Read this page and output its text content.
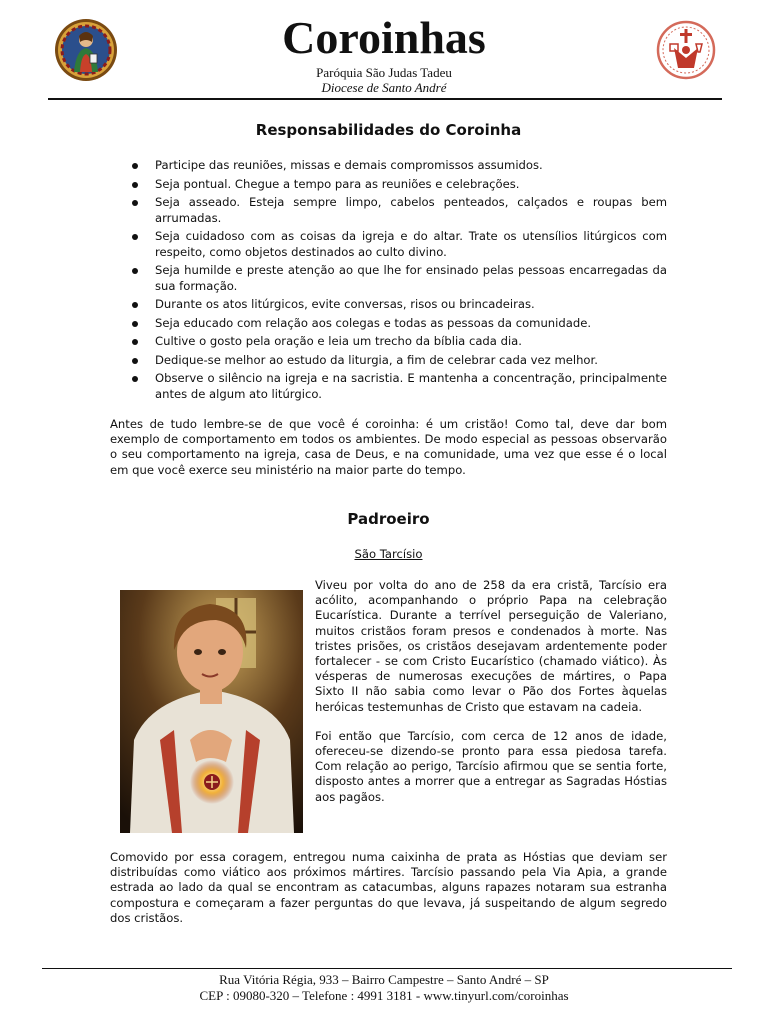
Coroinhas
Paróquia São Judas Tadeu
Diocese de Santo André
Responsabilidades do Coroinha
Participe das reuniões, missas e demais compromissos assumidos.
Seja pontual. Chegue a tempo para as reuniões e celebrações.
Seja asseado. Esteja sempre limpo, cabelos penteados, calçados e roupas bem arrumadas.
Seja cuidadoso com as coisas da igreja e do altar. Trate os utensílios litúrgicos com respeito, como objetos destinados ao culto divino.
Seja humilde e preste atenção ao que lhe for ensinado pelas pessoas encarregadas da sua formação.
Durante os atos litúrgicos, evite conversas, risos ou brincadeiras.
Seja educado com relação aos colegas e todas as pessoas da comunidade.
Cultive o gosto pela oração e leia um trecho da bíblia cada dia.
Dedique-se melhor ao estudo da liturgia, a fim de celebrar cada vez melhor.
Observe o silêncio na igreja e na sacristia. E mantenha a concentração, principalmente antes de algum ato litúrgico.

Antes de tudo lembre-se de que você é coroinha: é um cristão! Como tal, deve dar bom exemplo de comportamento em todos os ambientes. De modo especial as pessoas observarão o seu comportamento na igreja, casa de Deus, e na comunidade, uma vez que esse é o local em que você exerce seu ministério na maior parte do tempo.

Padroeiro
São Tarcísio

Viveu por volta do ano de 258 da era cristã, Tarcísio era acólito, acompanhando o próprio Papa na celebração Eucarística. Durante a terrível perseguição de Valeriano, muitos cristãos foram presos e condenados à morte. Nas tristes prisões, os cristãos desejavam ardentemente poder fortalecer - se com Cristo Eucarístico (chamado viático). Às vésperas de numerosas execuções de mártires, o Papa Sixto II não sabia como levar o Pão dos Fortes àquelas heróicas testemunhas de Cristo que estavam na cadeia.

Foi então que Tarcísio, com cerca de 12 anos de idade, ofereceu-se dizendo-se pronto para essa piedosa tarefa. Com relação ao perigo, Tarcísio afirmou que se sentia forte, disposto antes a morrer que a entregar as Sagradas Hóstias aos pagãos.

Comovido por essa coragem, entregou numa caixinha de prata as Hóstias que deviam ser distribuídas como viático aos próximos mártires. Tarcísio passando pela Via Apia, a grande estrada ao lado da qual se encontram as catacumbas, alguns rapazes notaram sua estranha compostura e começaram a fazer perguntas do que levava, já suspeitando de algum segredo dos cristãos.

Rua Vitória Régia, 933 – Bairro Campestre – Santo André – SP
CEP : 09080-320 – Telefone : 4991 3181 - www.tinyurl.com/coroinhas
